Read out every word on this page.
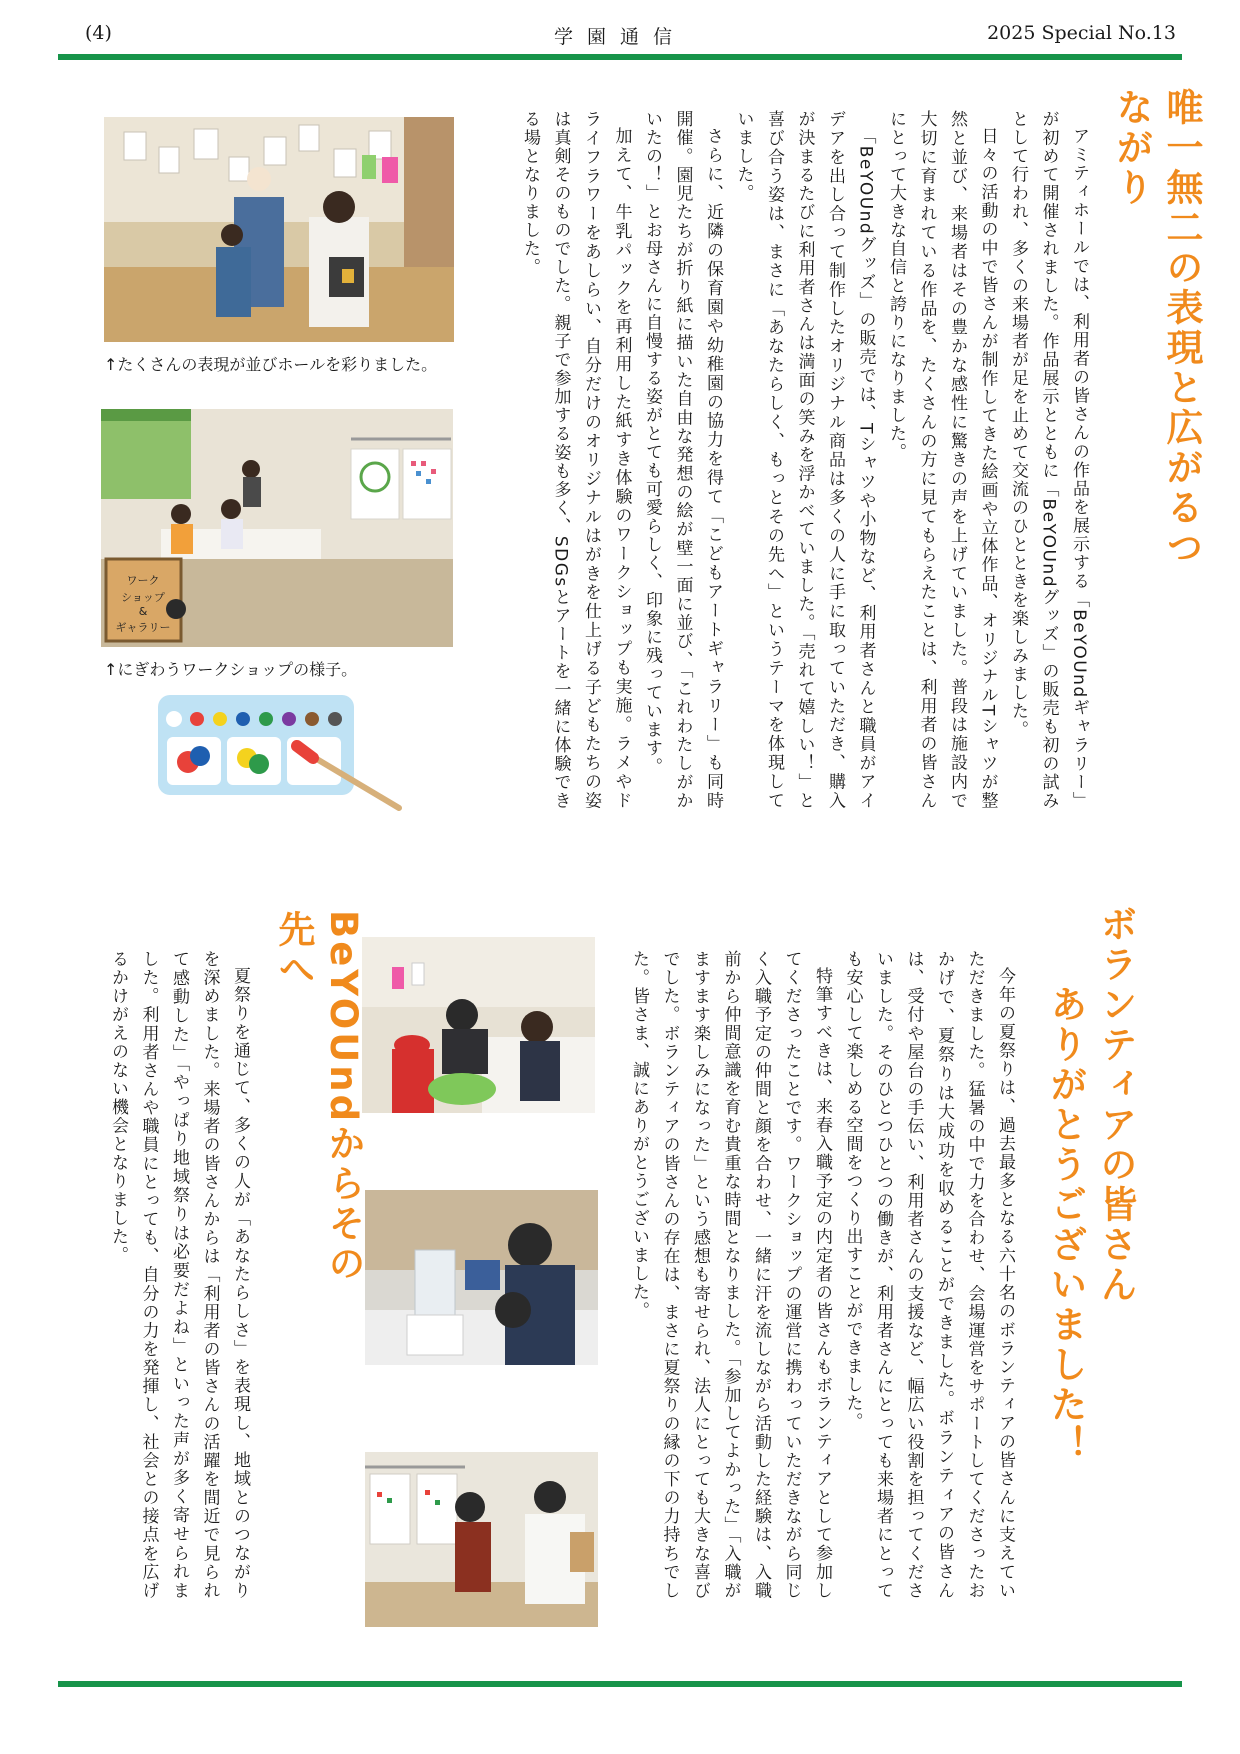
(4)	学園通信	2025 Special No.13
唯一無二の表現と広がるつながり

アミティホールでは、利用者の皆さんの作品を展示する「BeYOUndギャラリー」が初めて開催されました。作品展示とともに「BeYOUndグッズ」の販売も初の試みとして行われ、多くの来場者が足を止めて交流のひとときを楽しみました。

日々の活動の中で皆さんが制作してきた絵画や立体作品、オリジナルTシャツが整然と並び、来場者はその豊かな感性に驚きの声を上げていました。普段は施設内で大切に育まれている作品を、たくさんの方に見てもらえたことは、利用者の皆さんにとって大きな自信と誇りになりました。

「BeYOUndグッズ」の販売では、Tシャツや小物など、利用者さんと職員がアイデアを出し合って制作したオリジナル商品は多くの人に手に取っていただき、購入が決まるたびに利用者さんは満面の笑みを浮かべていました。「売れて嬉しい！」と喜び合う姿は、まさに「あなたらしく、もっとその先へ」というテーマを体現していました。

さらに、近隣の保育園や幼稚園の協力を得て「こどもアートギャラリー」も同時開催。園児たちが折り紙に描いた自由な発想の絵が壁一面に並び、「これわたしがかいたの！」とお母さんに自慢する姿がとても可愛らしく、印象に残っています。

加えて、牛乳パックを再利用した紙すき体験のワークショップも実施。ラメやドライフラワーをあしらい、自分だけのオリジナルはがきを仕上げる子どもたちの姿は真剣そのものでした。親子で参加する姿も多く、SDGsとアートを一緒に体験できる場となりました。

↑たくさんの表現が並びホールを彩りました。
ワーク
ショップ
&
ギャラリー
↑にぎわうワークショップの様子。
ボランティアの皆さん
ありがとうございました！

今年の夏祭りは、過去最多となる六十名のボランティアの皆さんに支えていただきました。猛暑の中で力を合わせ、会場運営をサポートしてくださったおかげで、夏祭りは大成功を収めることができました。ボランティアの皆さんは、受付や屋台の手伝い、利用者さんの支援など、幅広い役割を担ってくださいました。そのひとつひとつの働きが、利用者さんにとっても来場者にとっても安心して楽しめる空間をつくり出すことができました。

特筆すべきは、来春入職予定の内定者の皆さんもボランティアとして参加してくださったことです。ワークショップの運営に携わっていただきながら同じく入職予定の仲間と顔を合わせ、一緒に汗を流しながら活動した経験は、入職前から仲間意識を育む貴重な時間となりました。「参加してよかった」「入職がますます楽しみになった」という感想も寄せられ、法人にとっても大きな喜びでした。ボランティアの皆さんの存在は、まさに夏祭りの縁の下の力持ちでした。皆さま、誠にありがとうございました。

BeYOUndからその先へ

夏祭りを通じて、多くの人が「あなたらしさ」を表現し、地域とのつながりを深めました。来場者の皆さんからは「利用者の皆さんの活躍を間近で見られて感動した」「やっぱり地域祭りは必要だよね」といった声が多く寄せられました。利用者さんや職員にとっても、自分の力を発揮し、社会との接点を広げるかけがえのない機会となりました。
